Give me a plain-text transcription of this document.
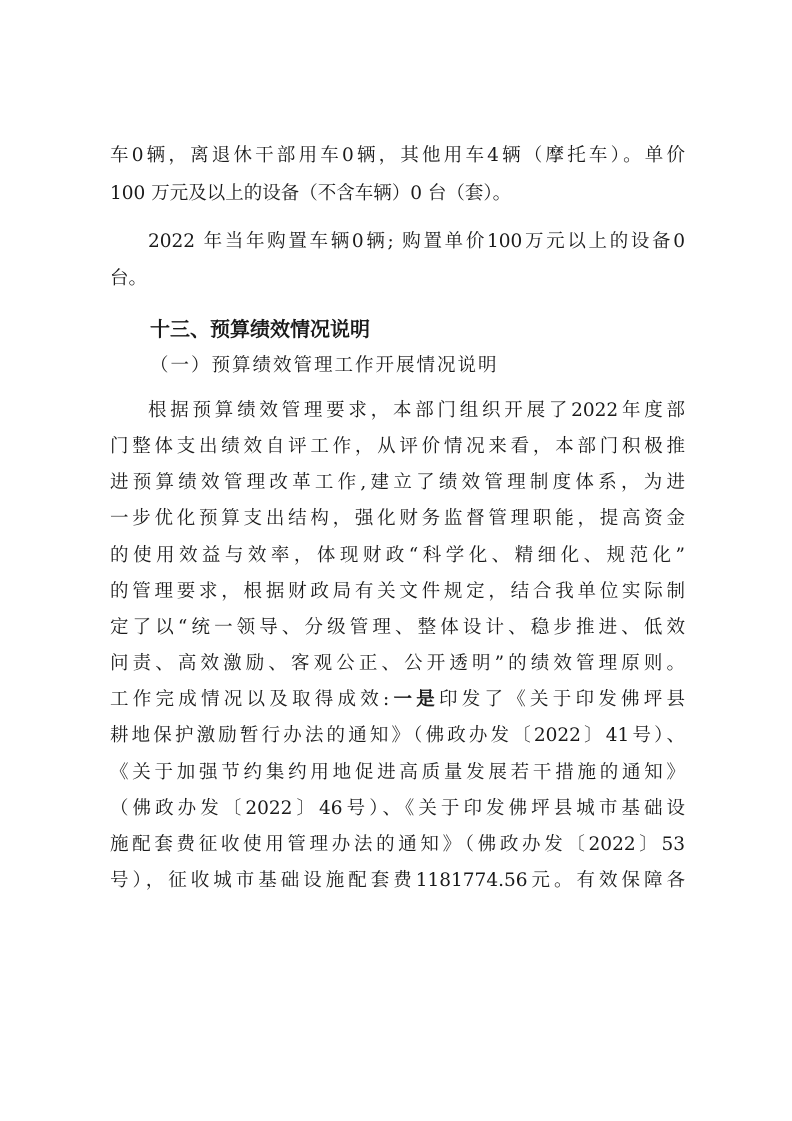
车0辆，离退休干部用车0辆，其他用车4辆（摩托车）。单价
100 万元及以上的设备（不含车辆）0 台（套）。
2022 年当年购置车辆0辆; 购置单价100万元以上的设备0
台。
十三、预算绩效情况说明
（一）预算绩效管理工作开展情况说明
根据预算绩效管理要求，本部门组织开展了2022年度部
门整体支出绩效自评工作，从评价情况来看，本部门积极推
进预算绩效管理改革工作,建立了绩效管理制度体系，为进
一步优化预算支出结构，强化财务监督管理职能，提高资金
的使用效益与效率，体现财政“科学化、精细化、规范化”
的管理要求，根据财政局有关文件规定，结合我单位实际制
定了以“统一领导、分级管理、整体设计、稳步推进、低效
问责、高效激励、客观公正、公开透明”的绩效管理原则。
工作完成情况以及取得成效:一是印发了《关于印发佛坪县
耕地保护激励暂行办法的通知》（佛政办发〔2022〕41号）、
《关于加强节约集约用地促进高质量发展若干措施的通知》
（佛政办发〔2022〕46号）、《关于印发佛坪县城市基础设
施配套费征收使用管理办法的通知》（佛政办发〔2022〕53
号），征收城市基础设施配套费1181774.56元。有效保障各
